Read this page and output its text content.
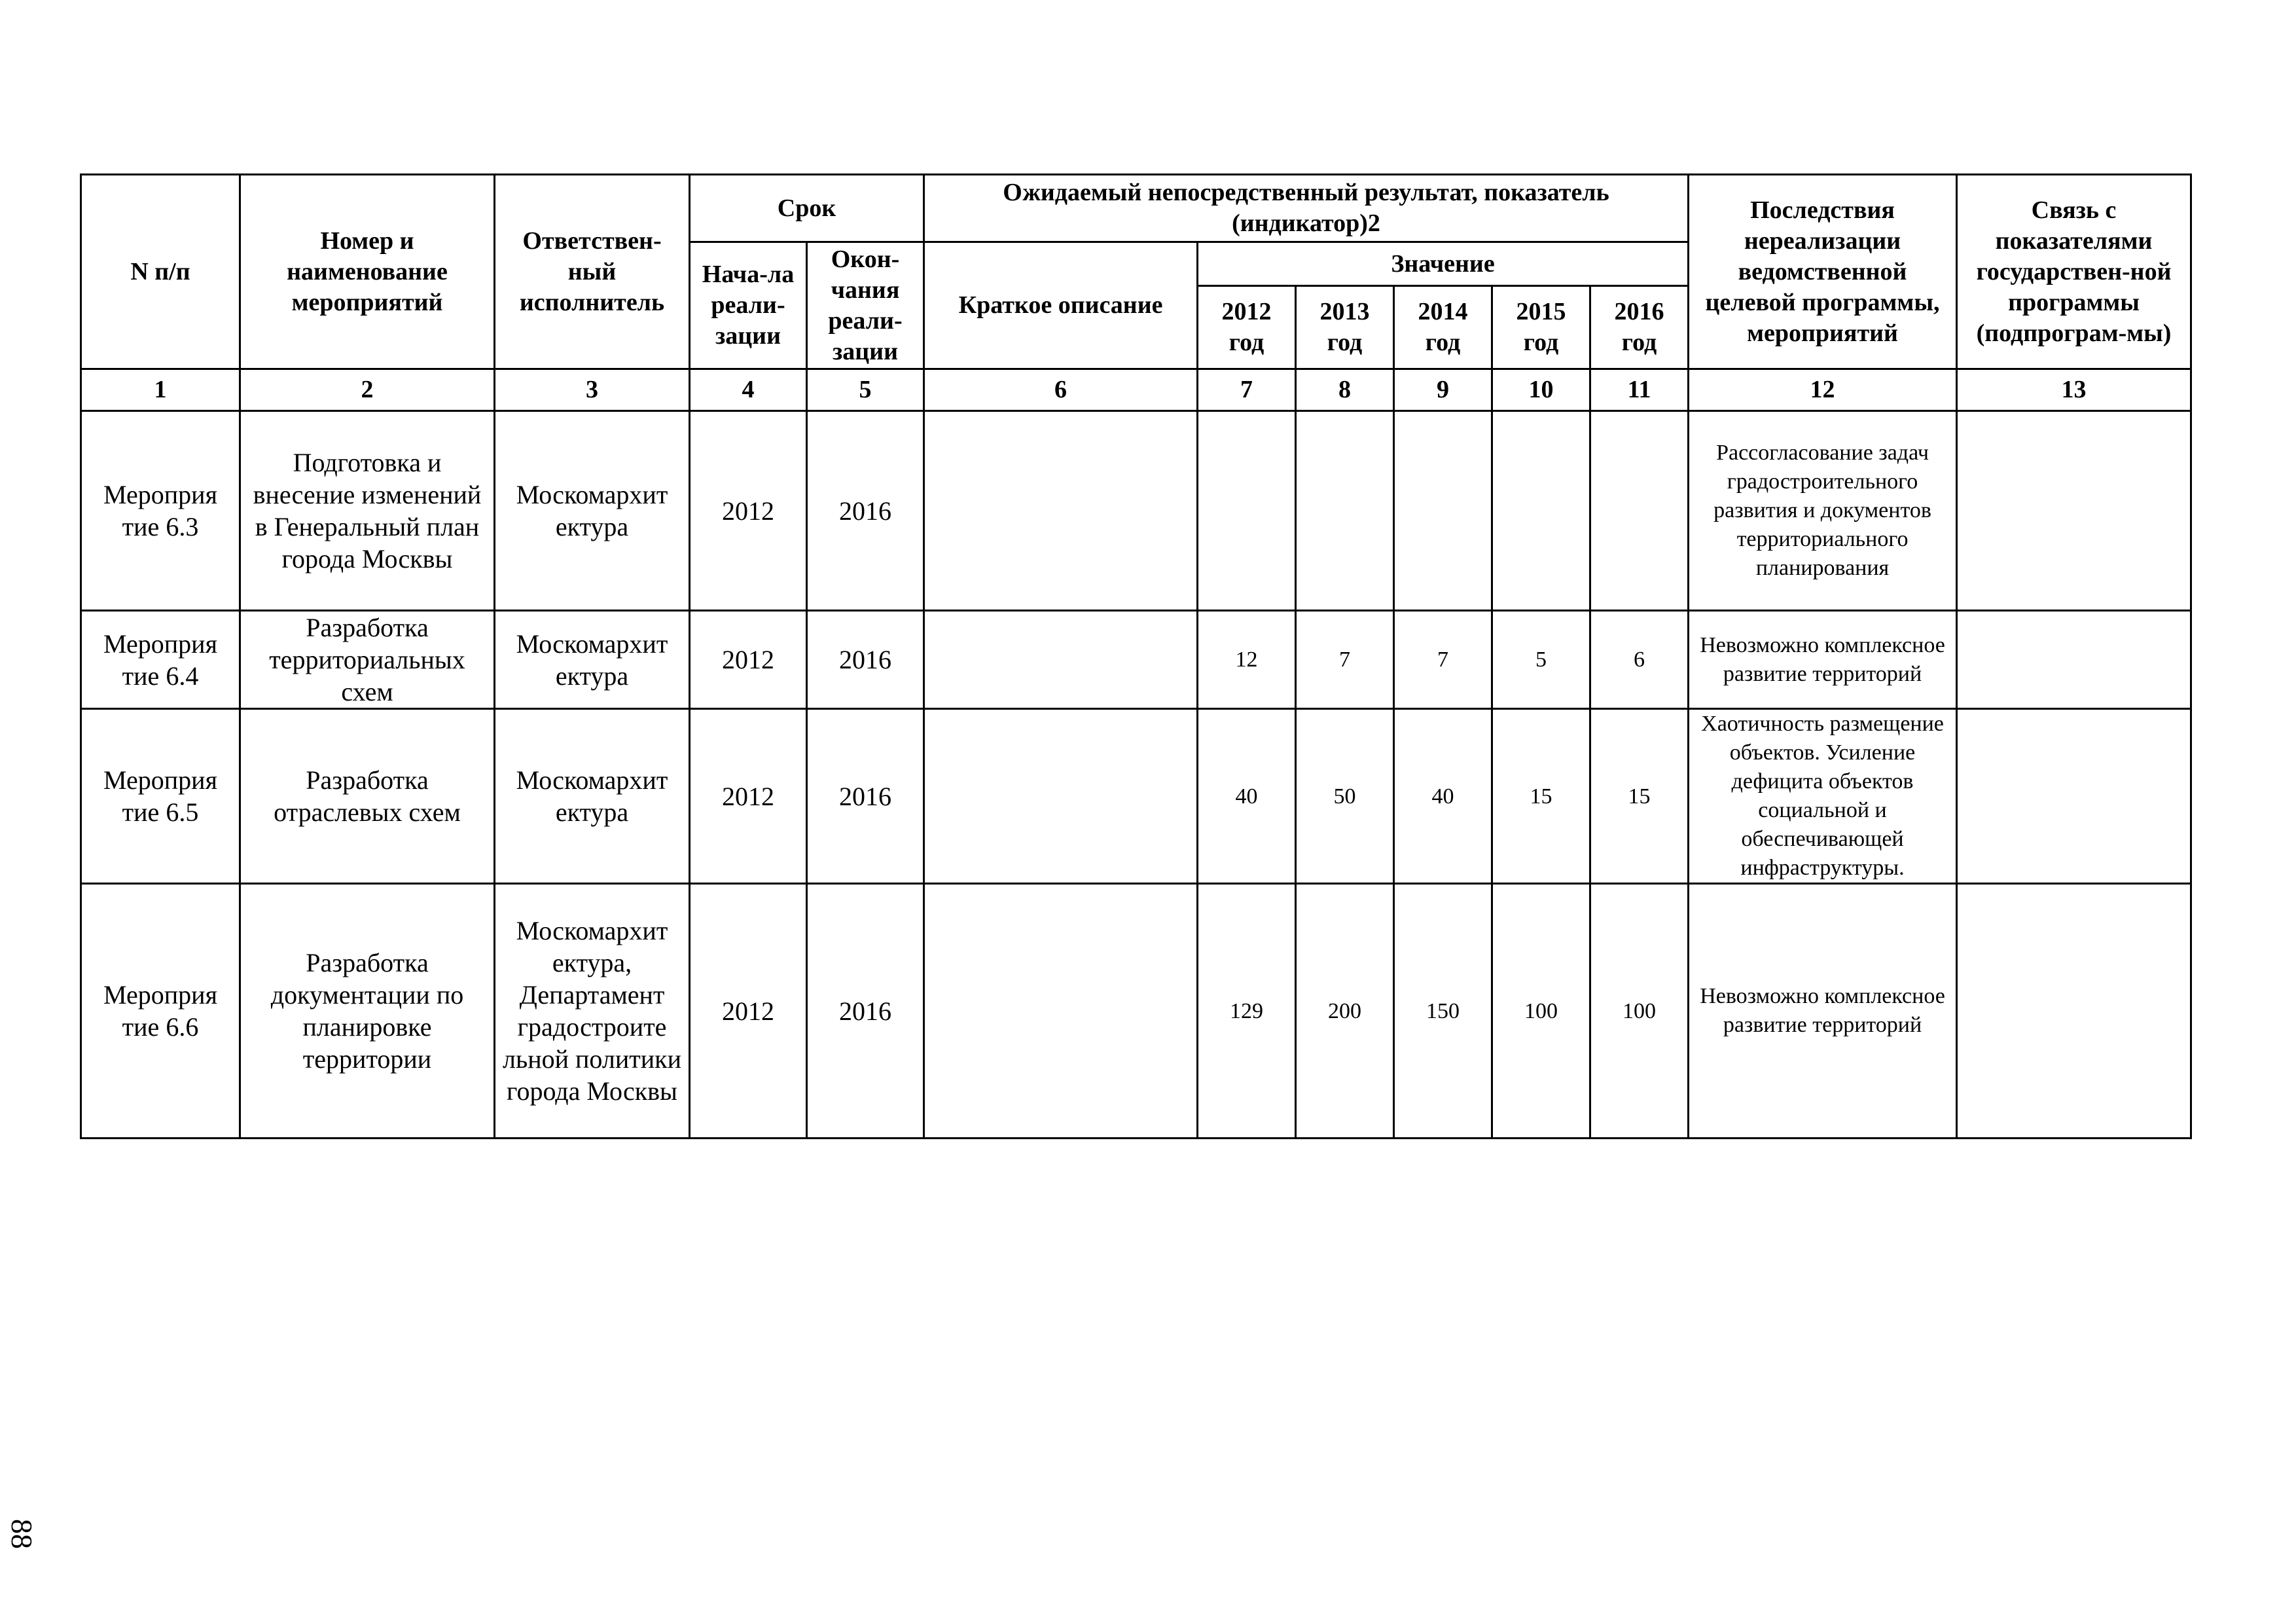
N п/п	Номер и наименование мероприятий	Ответствен-ный исполнитель	Срок		Ожидаемый непосредственный результат, показатель (индикатор)2						Последствия нереализации ведомственной целевой программы, мероприятий	Связь с показателями государствен-ной программы (подпрограм-мы)
			Нача-ла реали-зации	Окон-чания реали-зации	Краткое описание	Значение						
						2012 год	2013 год	2014 год	2015 год	2016 год		
1	2	3	4	5	6	7	8	9	10	11	12	13
Мероприя тие 6.3	Подготовка и внесение изменений в Генеральный план города Москвы	Москомархит ектура	2012	2016							Рассогласование задач градостроительного развития и документов территориального планирования	
Мероприя тие 6.4	Разработка территориальных схем	Москомархит ектура	2012	2016		12	7	7	5	6	Невозможно комплексное развитие территорий	
Мероприя тие 6.5	Разработка отраслевых схем	Москомархит ектура	2012	2016		40	50	40	15	15	Хаотичность размещение объектов. Усиление дефицита объектов социальной и обеспечивающей инфраструктуры.	
Мероприя тие 6.6	Разработка документации по планировке территории	Москомархит ектура, Департамент градостроите льной политики города Москвы	2012	2016		129	200	150	100	100	Невозможно комплексное развитие территорий	
88
